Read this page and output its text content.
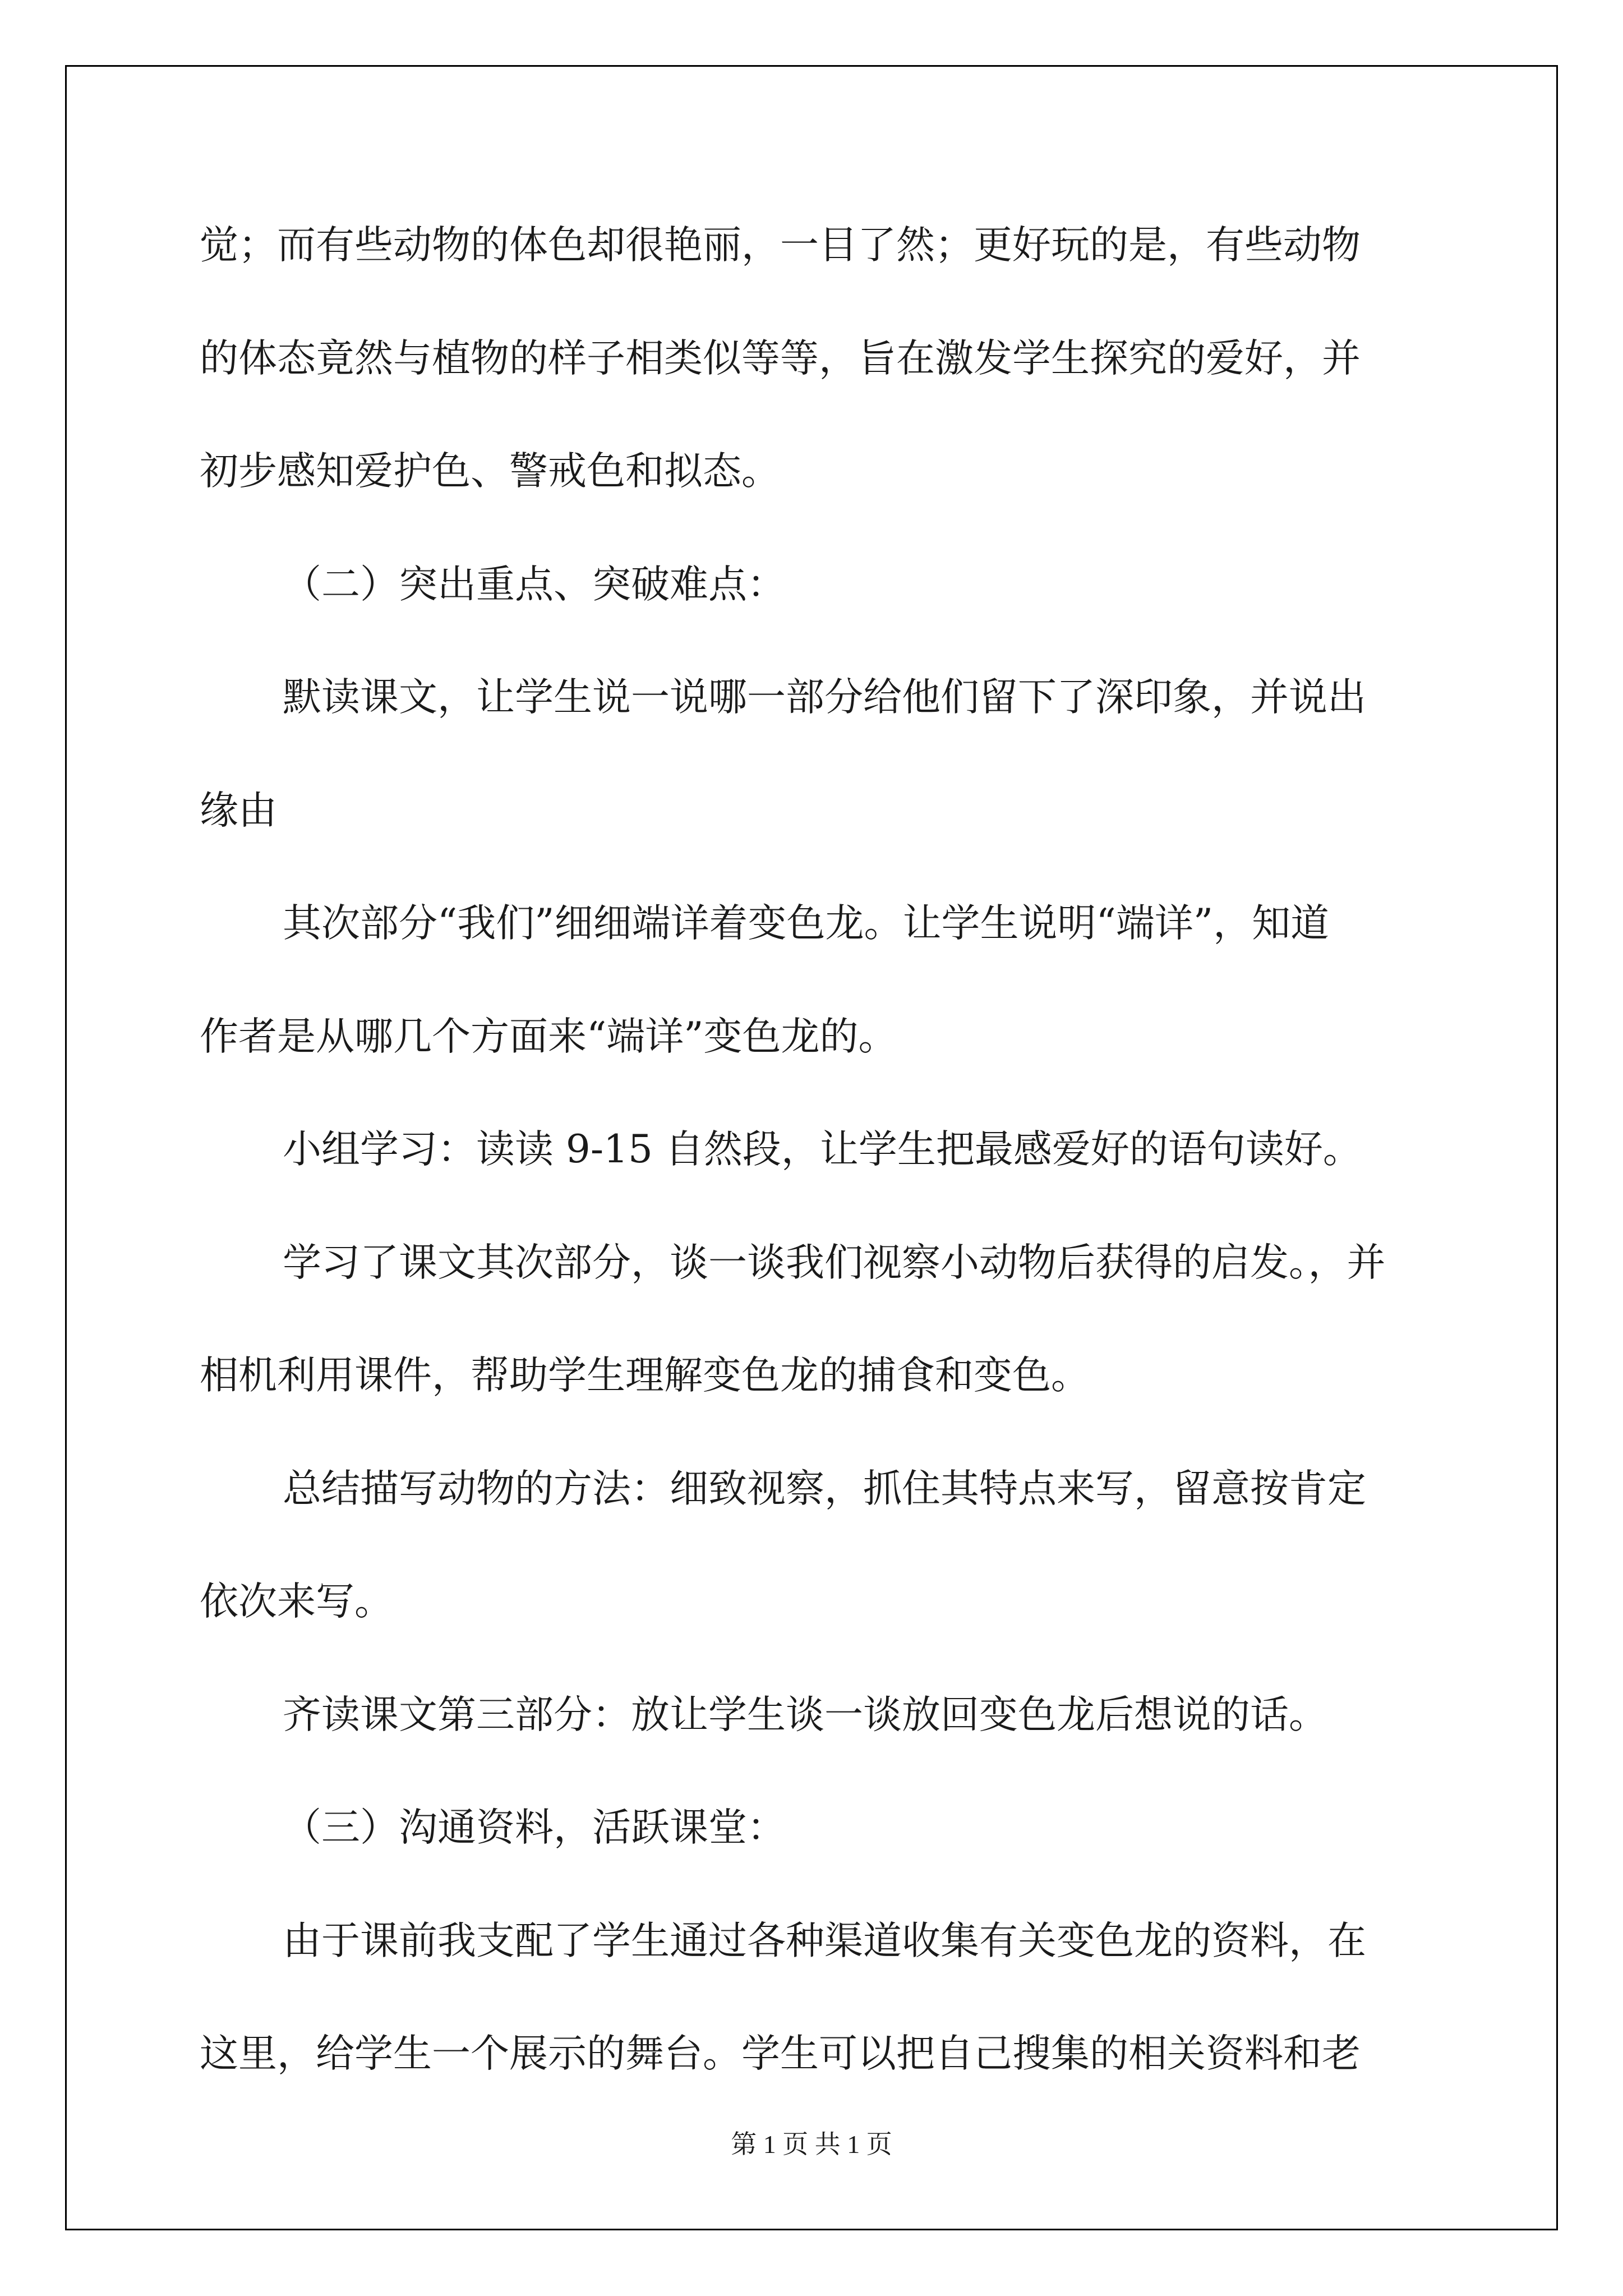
觉；而有些动物的体色却很艳丽，一目了然；更好玩的是，有些动物
的体态竟然与植物的样子相类似等等，旨在激发学生探究的爱好，并
初步感知爱护色、警戒色和拟态。
（二）突出重点、突破难点：
默读课文，让学生说一说哪一部分给他们留下了深印象，并说出
缘由
其次部分“我们”细细端详着变色龙。让学生说明“端详”，知道
作者是从哪几个方面来“端详”变色龙的。
小组学习：读读 9-15 自然段，让学生把最感爱好的语句读好。
学习了课文其次部分，谈一谈我们视察小动物后获得的启发。，并
相机利用课件，帮助学生理解变色龙的捕食和变色。
总结描写动物的方法：细致视察，抓住其特点来写，留意按肯定
依次来写。
齐读课文第三部分：放让学生谈一谈放回变色龙后想说的话。
（三）沟通资料，活跃课堂：
由于课前我支配了学生通过各种渠道收集有关变色龙的资料，在
这里，给学生一个展示的舞台。学生可以把自己搜集的相关资料和老
第 1 页 共 1 页
